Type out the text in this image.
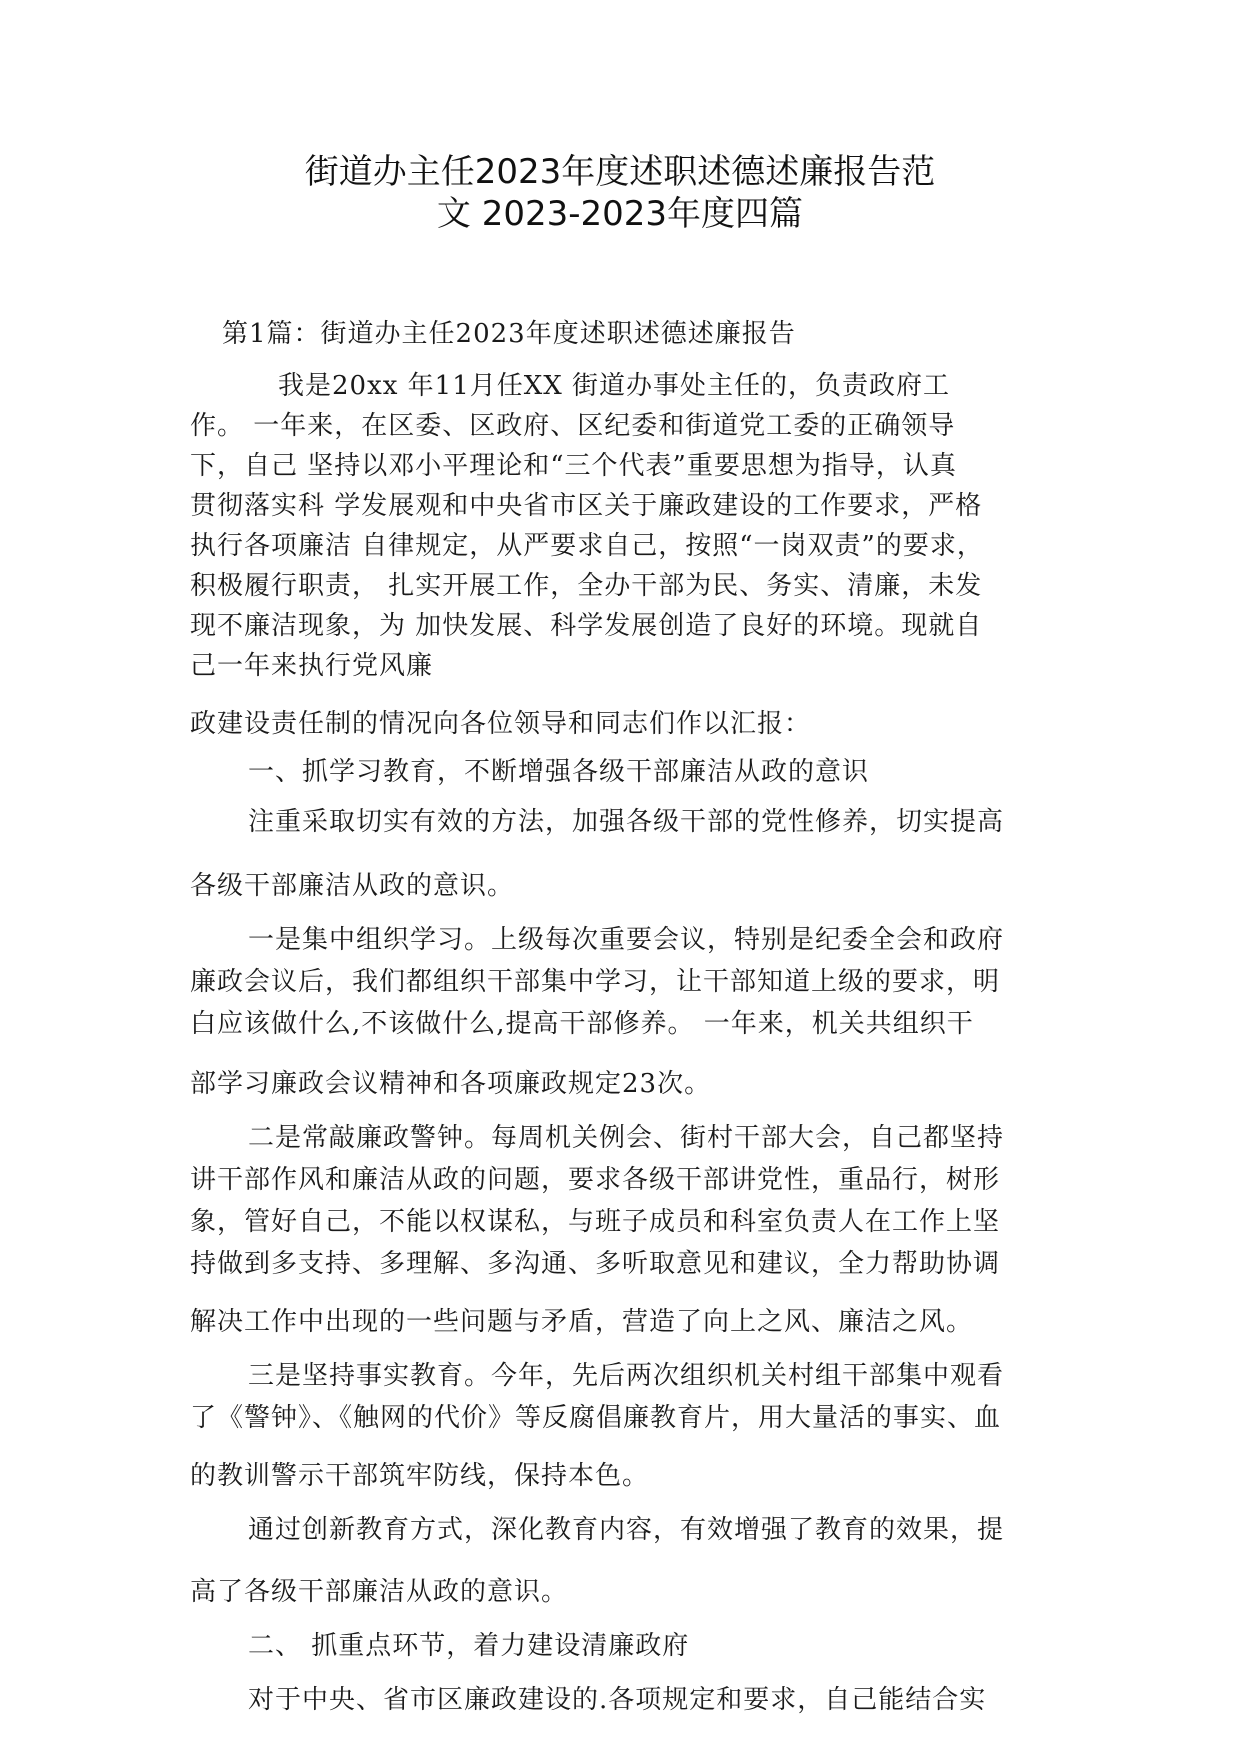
街道办主任2023年度述职述德述廉报告范
文 2023-2023年度四篇
第1篇：街道办主任2023年度述职述德述廉报告
我是20xx 年11月任XX 街道办事处主任的，负责政府工
作。 一年来，在区委、区政府、区纪委和街道党工委的正确领导
下，自己 坚持以邓小平理论和“三个代表”重要思想为指导，认真
贯彻落实科 学发展观和中央省市区关于廉政建设的工作要求，严格
执行各项廉洁 自律规定，从严要求自己，按照“一岗双责”的要求，
积极履行职责， 扎实开展工作，全办干部为民、务实、清廉，未发
现不廉洁现象，为 加快发展、科学发展创造了良好的环境。现就自
己一年来执行党风廉
政建设责任制的情况向各位领导和同志们作以汇报：
一、抓学习教育，不断增强各级干部廉洁从政的意识
注重采取切实有效的方法，加强各级干部的党性修养，切实提高
各级干部廉洁从政的意识。
一是集中组织学习。上级每次重要会议，特别是纪委全会和政府
廉政会议后，我们都组织干部集中学习，让干部知道上级的要求，明
白应该做什么,不该做什么,提高干部修养。 一年来，机关共组织干
部学习廉政会议精神和各项廉政规定23次。
二是常敲廉政警钟。每周机关例会、街村干部大会，自己都坚持
讲干部作风和廉洁从政的问题，要求各级干部讲党性，重品行，树形
象，管好自己，不能以权谋私，与班子成员和科室负责人在工作上坚
持做到多支持、多理解、多沟通、多听取意见和建议，全力帮助协调
解决工作中出现的一些问题与矛盾，营造了向上之风、廉洁之风。
三是坚持事实教育。今年，先后两次组织机关村组干部集中观看
了《警钟》、《触网的代价》等反腐倡廉教育片，用大量活的事实、血
的教训警示干部筑牢防线，保持本色。
通过创新教育方式，深化教育内容，有效增强了教育的效果，提
高了各级干部廉洁从政的意识。
二、 抓重点环节，着力建设清廉政府
对于中央、省市区廉政建设的.各项规定和要求，自己能结合实
